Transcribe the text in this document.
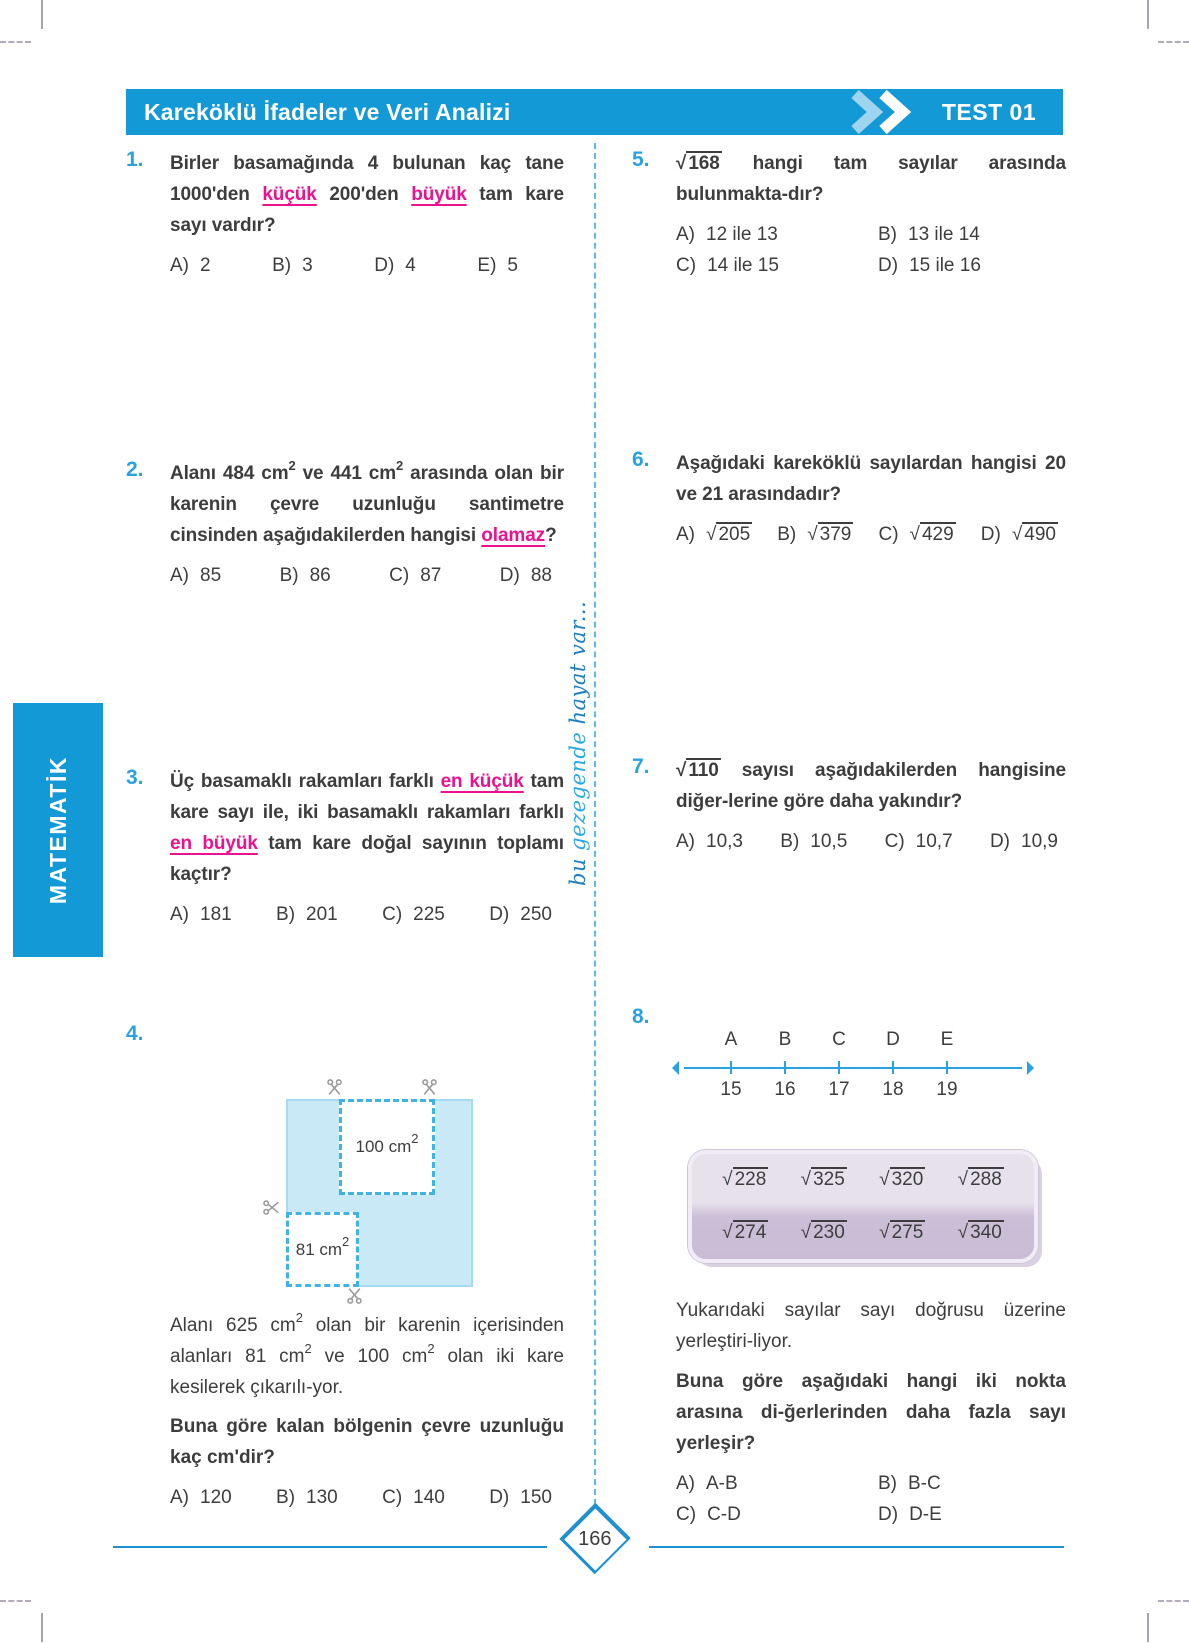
Kareköklü İfadeler ve Veri Analizi	TEST 01
MATEMATİK	bu gezegende hayat var...
1. Birler basamağında 4 bulunan kaç tane 1000'den küçük 200'den büyük tam kare sayı vardır?

A) 2	B) 3	D) 4	E) 5
2. Alanı 484 $cm^2$ ve 441 $cm^2$ arasında olan bir karenin çevre uzunluğu santimetre cinsinden aşağıdakilerden hangisi olamaz?

A) 85	B) 86	C) 87	D) 88
3. Üç basamaklı rakamları farklı en küçük tam kare sayı ile, iki basamaklı rakamları farklı en büyük tam kare doğal sayının toplamı kaçtır?

A) 181 B) 201 C) 225 D) 250
4.
100 $cm^2$
81 $cm^2$

Alanı 625 $cm^2$ olan bir karenin içerisinden alanları 81 $cm^2$ ve 100 $cm^2$ olan iki kare kesilerek çıkarılı-yor.

Buna göre kalan bölgenin çevre uzunluğu kaç cm'dir?

A) 120 B) 130 C) 140 D) 150
5. √ 168 hangi tam sayılar arasında bulunmakta-dır?

A) 12 ile 13	B) 13 ile 14
C) 14 ile 15	D) 15 ile 16
6. Aşağıdaki kareköklü sayılardan hangisi 20 ve 21 arasındadır?

A) √ 205 B) √ 379 C) √ 429 D) √ 490
7. √ 110 sayısı aşağıdakilerden hangisine diğer-lerine göre daha yakındır?

A) 10,3 B) 10,5 C) 10,7 D) 10,9
8.
A	B	C	D	E
15 16 17 18 19
√ 228 √ 325 √ 320 √ 288
√ 274 √ 230 √ 275 √ 340

Yukarıdaki sayılar sayı doğrusu üzerine yerleştiri-liyor.

Buna göre aşağıdaki hangi iki nokta arasına di-ğerlerinden daha fazla sayı yerleşir?

A) A-B	B) B-C
C) C-D	D) D-E
166
